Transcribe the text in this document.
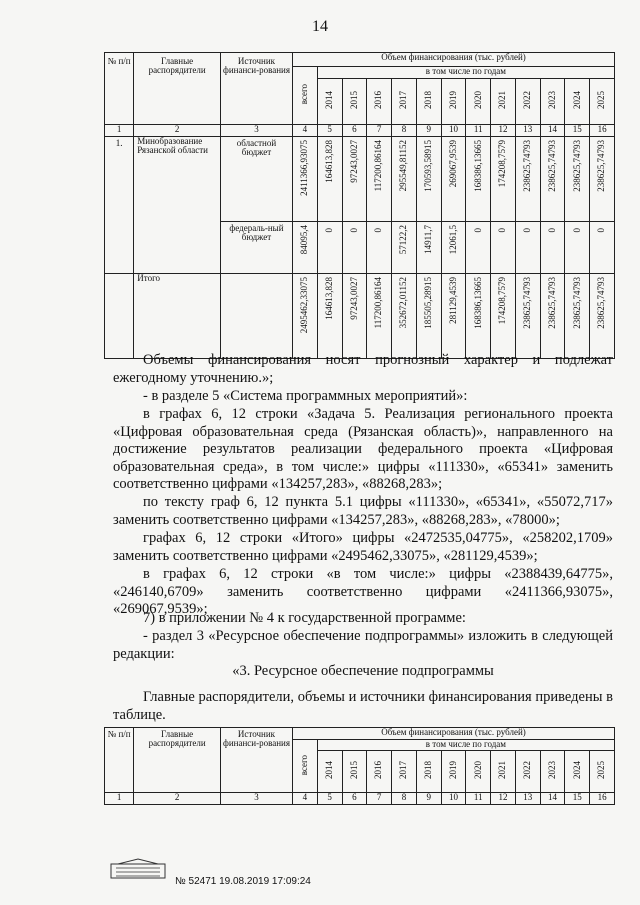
14
№ п/п	Главные распорядители	Источник финанси-рования	Объем финансирования (тыс. рублей)												
			всего	в том числе по годам											
				2014	2015	2016	2017	2018	2019	2020	2021	2022	2023	2024	2025
1	2	3	4	5	6	7	8	9	10	11	12	13	14	15	16
1.	Минобразование Рязанской области	областной бюджет	2411366,93075	164613,828	97243,0027	117200,86164	295549,81152	170593,58915	269067,9539	168386,13665	174208,7579	238625,74793	238625,74793	238625,74793	238625,74793
		федераль-ный бюджет	84095,4	0	0	0	57122,2	14911,7	12061,5	0	0	0	0	0	0
	Итого		2495462,33075	164613,828	97243,0027	117200,86164	352672,01152	185505,28915	281129,4539	168386,13665	174208,7579	238625,74793	238625,74793	238625,74793	238625,74793

Объемы финансирования носят прогнозный характер и подлежат ежегодному уточнению.»;

- в разделе 5 «Система программных мероприятий»:

в графах 6, 12 строки «Задача 5. Реализация регионального проекта «Цифровая образовательная среда (Рязанская область)», направленного на достижение результатов реализации федерального проекта «Цифровая образовательная среда», в том числе:» цифры «111330», «65341» заменить соответственно цифрами «134257,283», «88268,283»;

по тексту граф 6, 12 пункта 5.1 цифры «111330», «65341», «55072,717» заменить соответственно цифрами «134257,283», «88268,283», «78000»;

графах 6, 12 строки «Итого» цифры «2472535,04775», «258202,1709» заменить соответственно цифрами «2495462,33075», «281129,4539»;

в графах 6, 12 строки «в том числе:» цифры «2388439,64775», «246140,6709» заменить соответственно цифрами «2411366,93075», «269067,9539»;

7) в приложении № 4 к государственной программе:

- раздел 3 «Ресурсное обеспечение подпрограммы» изложить в следующей редакции:

«3. Ресурсное обеспечение подпрограммы

Главные распорядители, объемы и источники финансирования приведены в таблице.

№ п/п	Главные распорядители	Источник финанси-рования	Объем финансирования (тыс. рублей)												
			всего	в том числе по годам											
				2014	2015	2016	2017	2018	2019	2020	2021	2022	2023	2024	2025
1	2	3	4	5	6	7	8	9	10	11	12	13	14	15	16
№ 52471 19.08.2019 17:09:24
